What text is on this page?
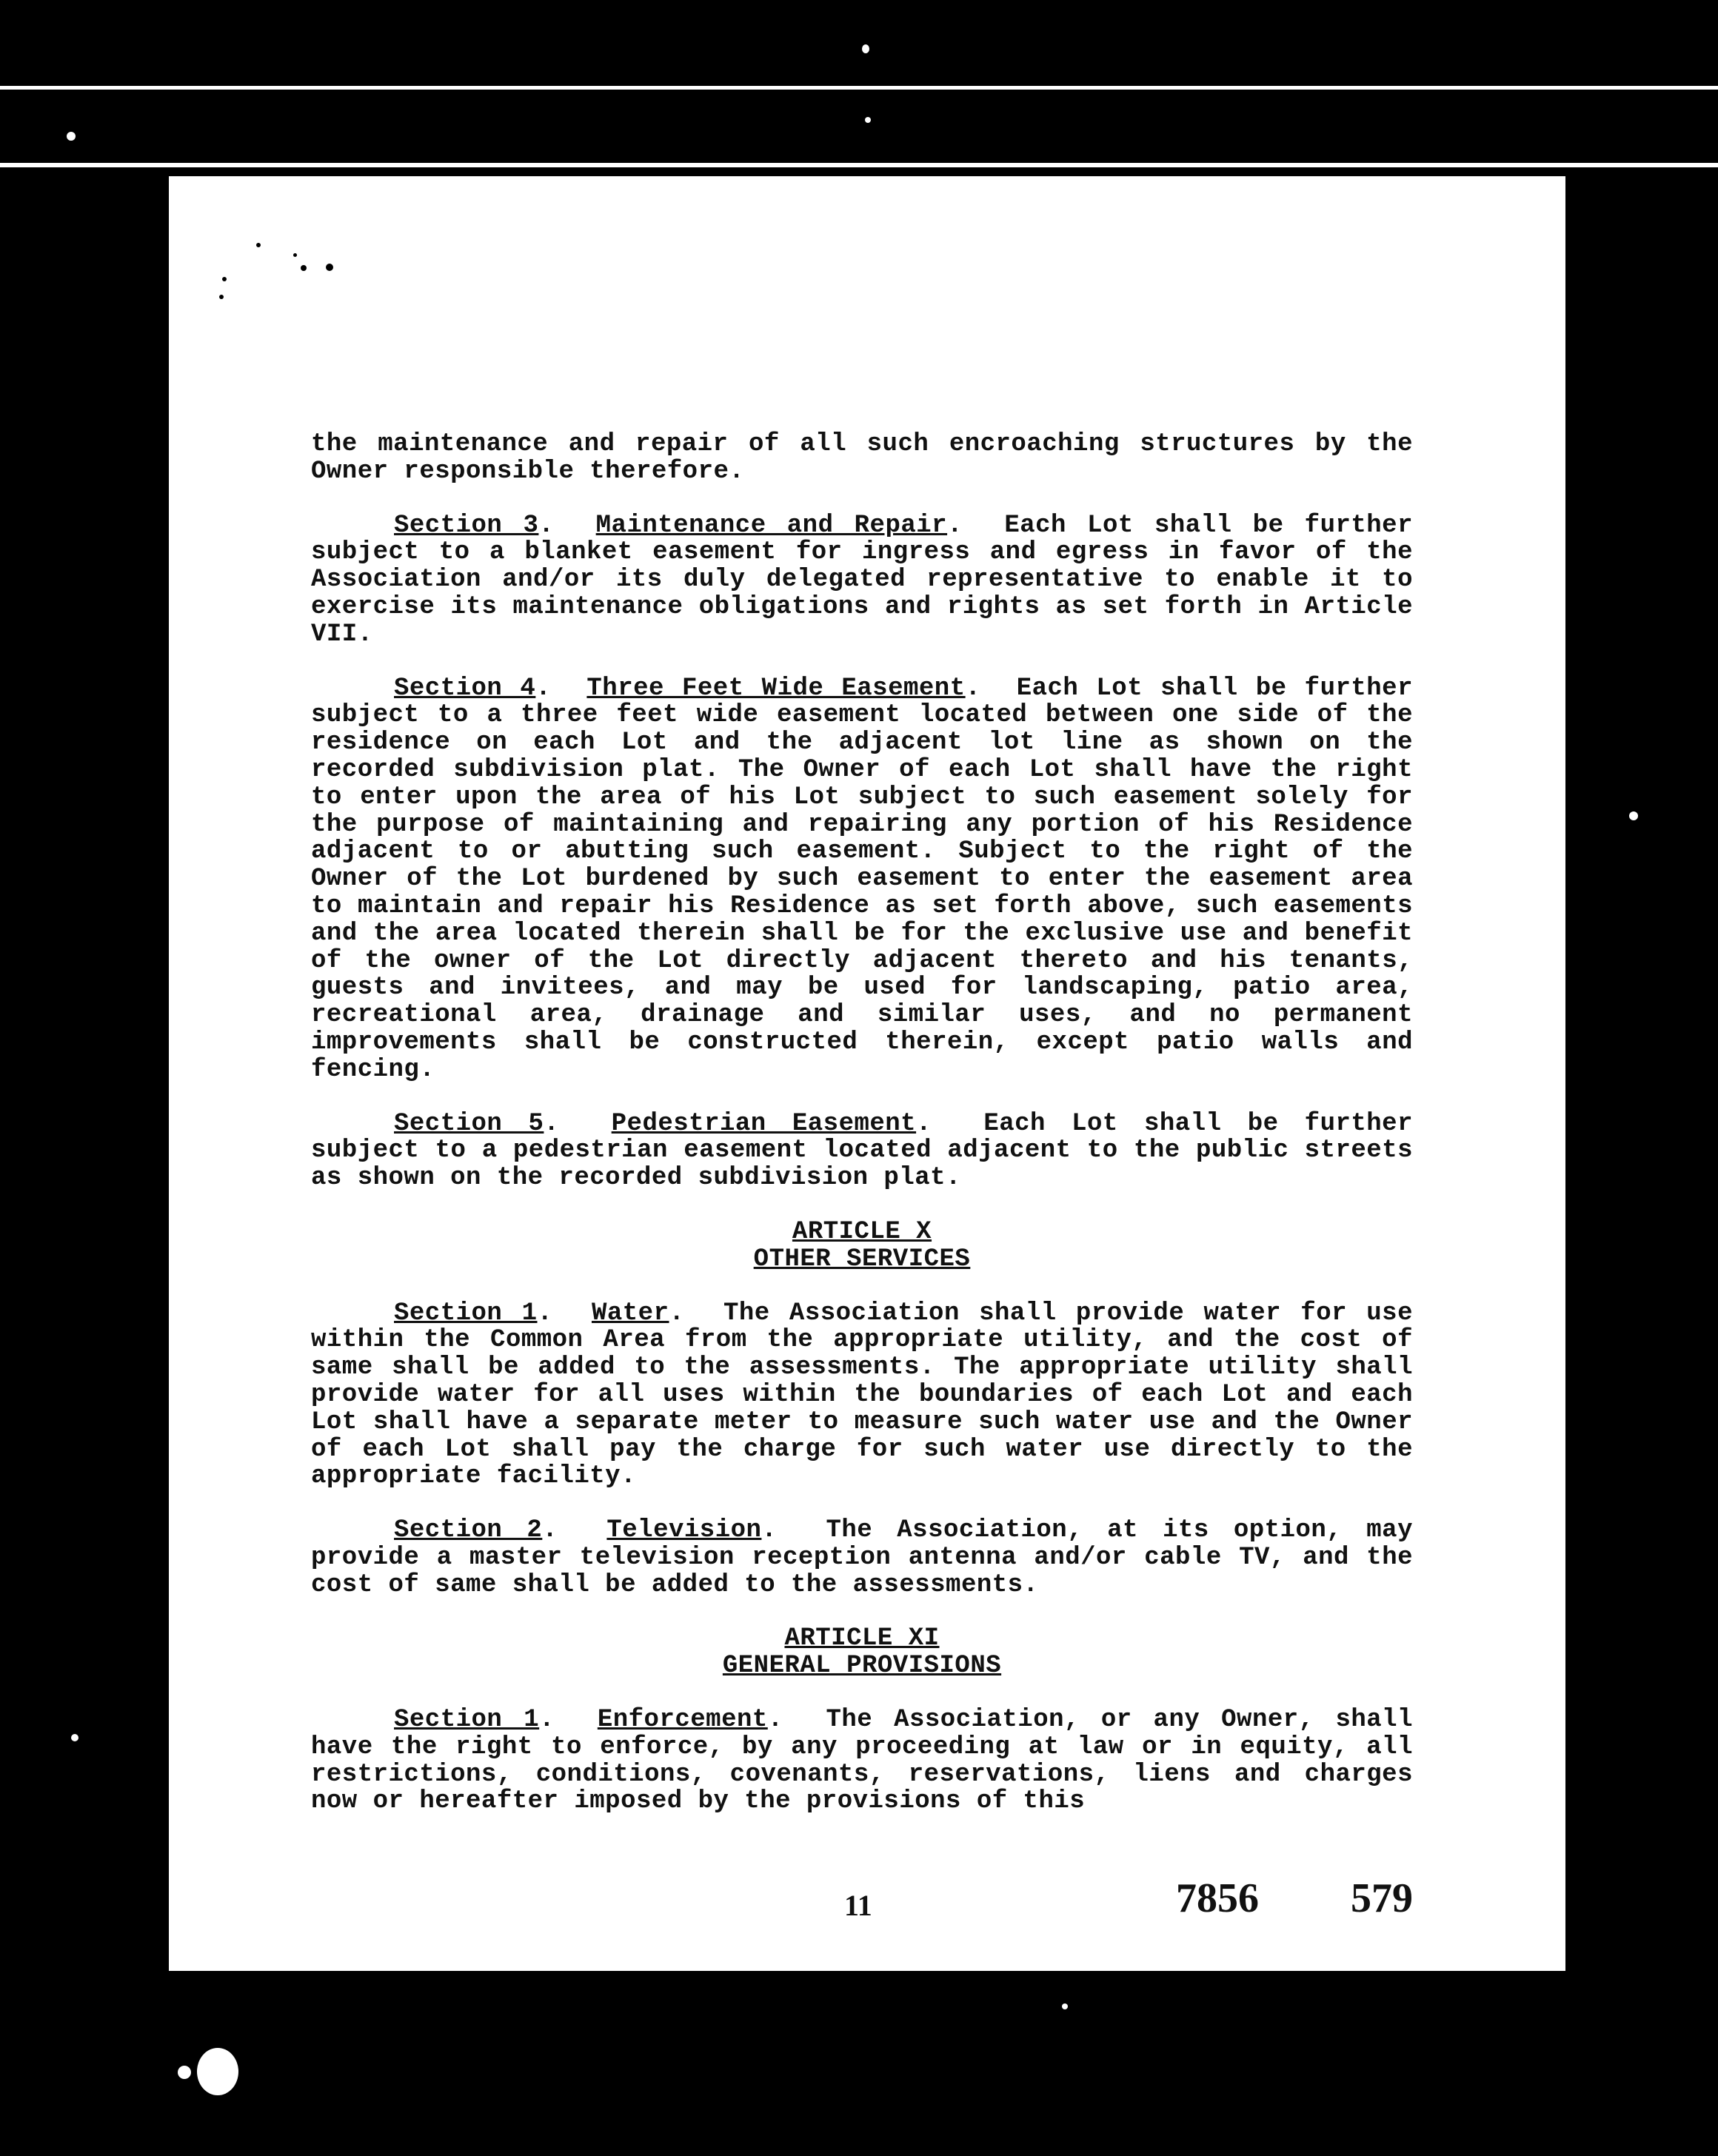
the maintenance and repair of all such encroaching structures by the Owner responsible therefore.

Section 3.  Maintenance and Repair.  Each Lot shall be further subject to a blanket easement for ingress and egress in favor of the Association and/or its duly delegated representative to enable it to exercise its maintenance obligations and rights as set forth in Article VII.

Section 4.  Three Feet Wide Easement.  Each Lot shall be further subject to a three feet wide easement located between one side of the residence on each Lot and the adjacent lot line as shown on the recorded subdivision plat. The Owner of each Lot shall have the right to enter upon the area of his Lot subject to such easement solely for the purpose of maintaining and repairing any portion of his Residence adjacent to or abutting such easement. Subject to the right of the Owner of the Lot burdened by such easement to enter the easement area to maintain and repair his Residence as set forth above, such easements and the area located therein shall be for the exclusive use and benefit of the owner of the Lot directly adjacent thereto and his tenants, guests and invitees, and may be used for landscaping, patio area, recreational area, drainage and similar uses, and no permanent improvements shall be constructed therein, except patio walls and fencing.

Section 5.  Pedestrian Easement.  Each Lot shall be further subject to a pedestrian easement located adjacent to the public streets as shown on the recorded subdivision plat.

ARTICLE X
OTHER SERVICES

Section 1.  Water.  The Association shall provide water for use within the Common Area from the appropriate utility, and the cost of same shall be added to the assessments. The appropriate utility shall provide water for all uses within the boundaries of each Lot and each Lot shall have a separate meter to measure such water use and the Owner of each Lot shall pay the charge for such water use directly to the appropriate facility.

Section 2.  Television.  The Association, at its option, may provide a master television reception antenna and/or cable TV, and the cost of same shall be added to the assessments.

ARTICLE XI
GENERAL PROVISIONS

Section 1.  Enforcement.  The Association, or any Owner, shall have the right to enforce, by any proceeding at law or in equity, all restrictions, conditions, covenants, reservations, liens and charges now or hereafter imposed by the provisions of this

11	7856 579
